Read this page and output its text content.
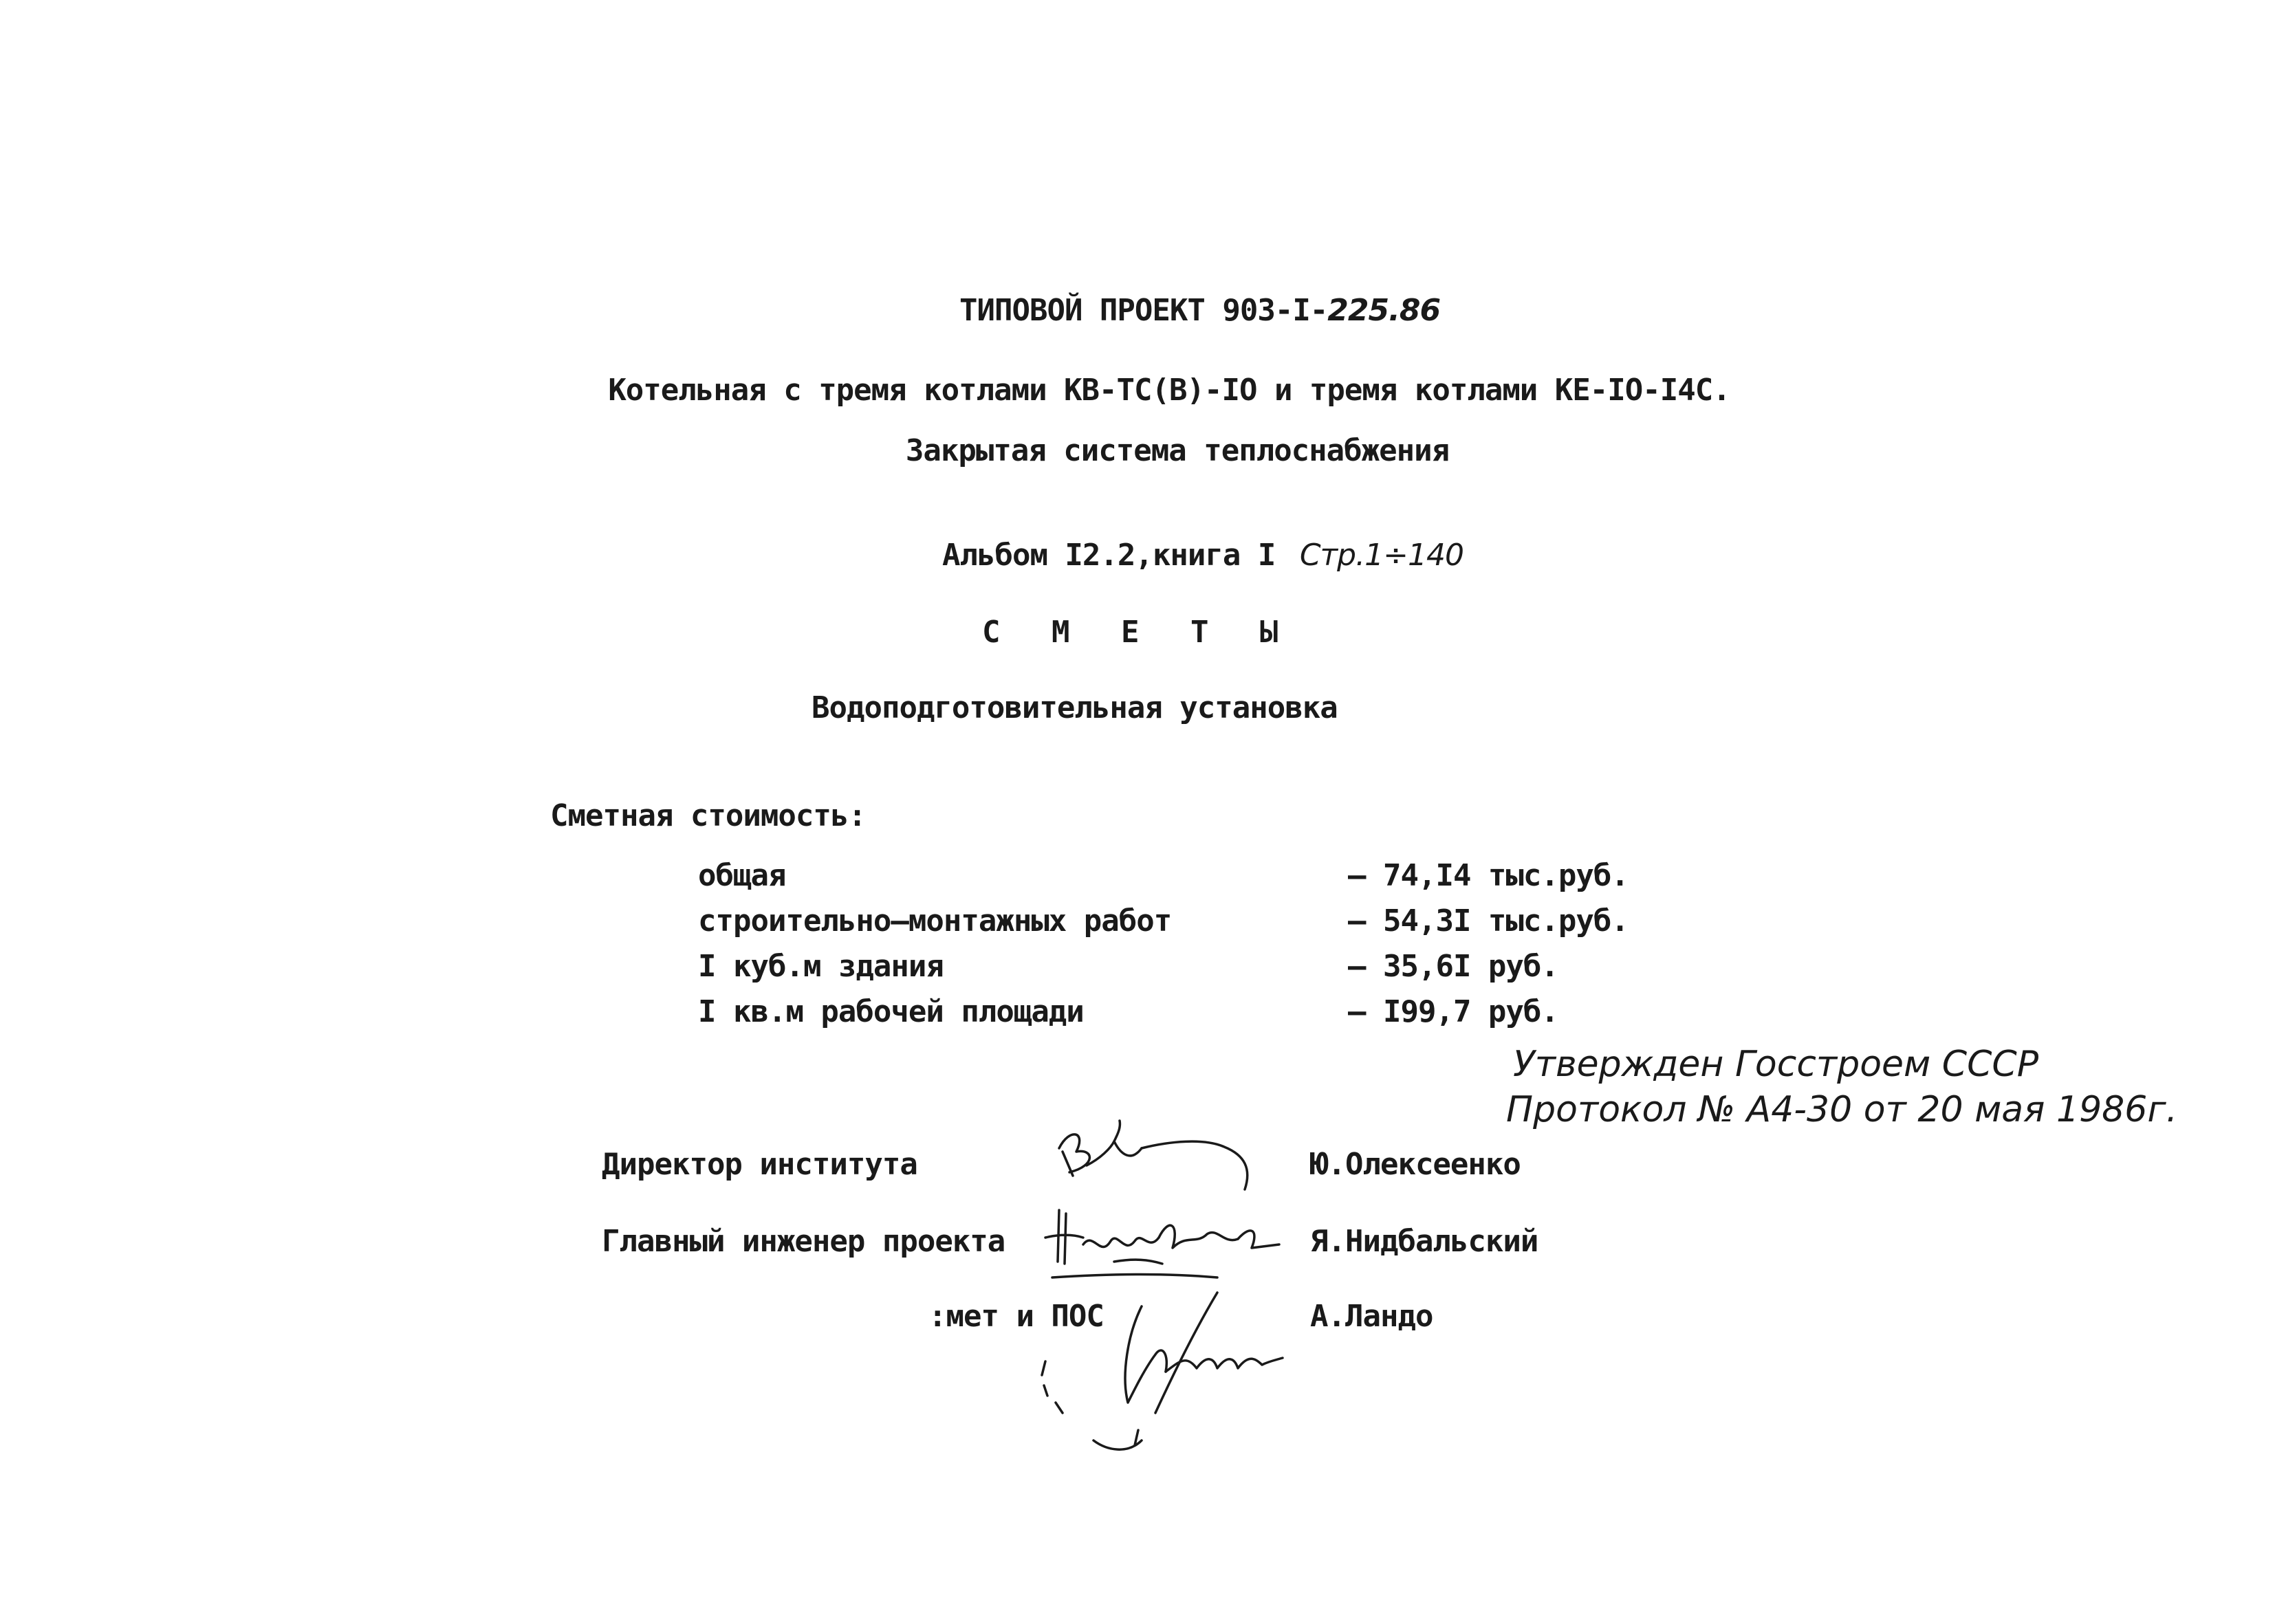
ТИПОВОЙ ПРОЕКТ 903-I-225.86
Котельная с тремя котлами КВ-ТС(В)-IO и тремя котлами КЕ-IO-I4C.
Закрытая система теплоснабжения
Альбом I2.2,книга I Стр.1÷140
С М Е Т Ы
Водоподготовительная установка
Сметная стоимость:
общая	– 74,I4 тыс.руб.
строительно–монтажных работ	– 54,3I тыс.руб.
I куб.м здания	– 35,6I руб.
I кв.м рабочей площади	– I99,7 руб.
Утвержден Госстроем СССР
Протокол № А4-30 от 20 мая 1986г.
Директор института	Ю.Олексеенко
Главный инженер проекта	Я.Нидбальский
:мет и ПОС	А.Ландо
